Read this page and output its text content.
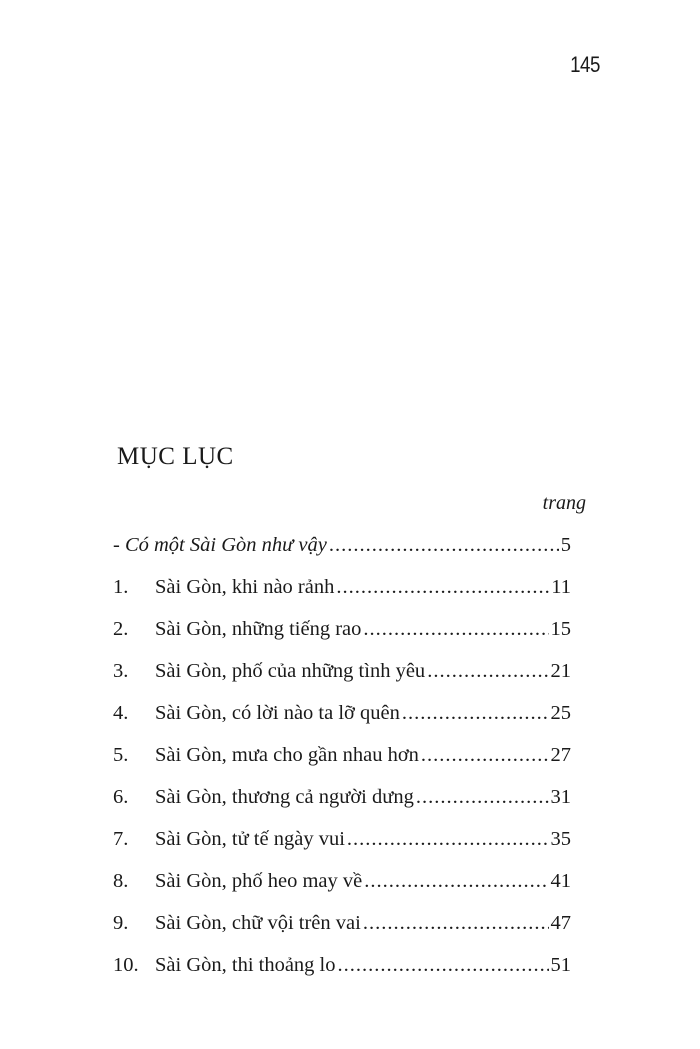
145
MỤC LỤC
trang
- Có một Sài Gòn như vậy .....	5
1.	Sài Gòn, khi nào rảnh .....	11
2.	Sài Gòn, những tiếng rao .....	15
3.	Sài Gòn, phố của những tình yêu .....	21
4.	Sài Gòn, có lời nào ta lỡ quên .....	25
5.	Sài Gòn, mưa cho gần nhau hơn .....	27
6.	Sài Gòn, thương cả người dưng .....	31
7.	Sài Gòn, tử tế ngày vui .....	35
8.	Sài Gòn, phố heo may về .....	41
9.	Sài Gòn, chữ vội trên vai .....	47
10. Sài Gòn, thi thoảng lo .....	51
